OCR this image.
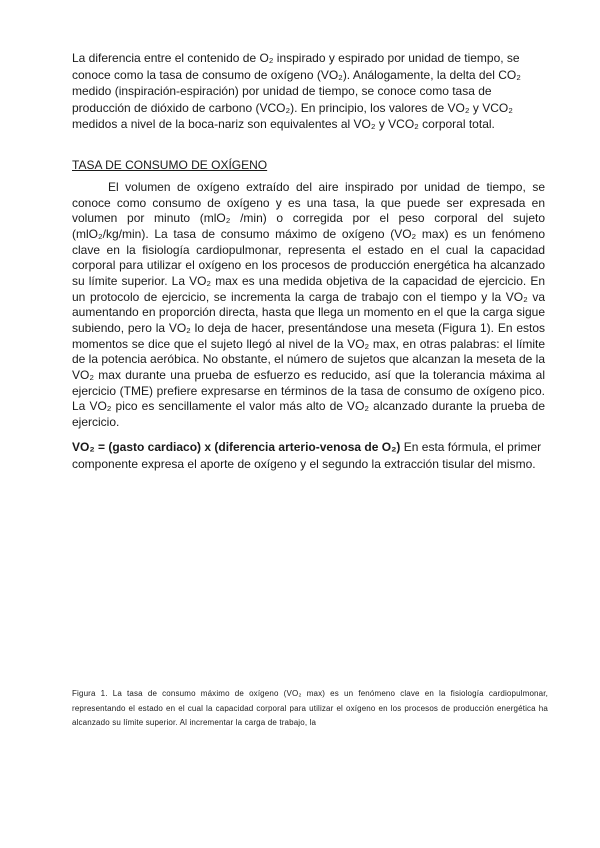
La diferencia entre el contenido de O₂ inspirado y espirado por unidad de tiempo, se conoce como la tasa de consumo de oxígeno (VO₂). Análogamente, la delta del CO₂ medido (inspiración-espiración) por unidad de tiempo, se conoce como tasa de producción de dióxido de carbono (VCO₂). En principio, los valores de VO₂ y VCO₂ medidos a nivel de la boca-nariz son equivalentes al VO₂ y VCO₂ corporal total.

TASA DE CONSUMO DE OXÍGENO

El volumen de oxígeno extraído del aire inspirado por unidad de tiempo, se conoce como consumo de oxígeno y es una tasa, la que puede ser expresada en volumen por minuto (mlO₂ /min) o corregida por el peso corporal del sujeto (mlO₂/kg/min). La tasa de consumo máximo de oxígeno (VO₂ max) es un fenómeno clave en la fisiología cardiopulmonar, representa el estado en el cual la capacidad corporal para utilizar el oxígeno en los procesos de producción energética ha alcanzado su límite superior. La VO₂ max es una medida objetiva de la capacidad de ejercicio. En un protocolo de ejercicio, se incrementa la carga de trabajo con el tiempo y la VO₂ va aumentando en proporción directa, hasta que llega un momento en el que la carga sigue subiendo, pero la VO₂ lo deja de hacer, presentándose una meseta (Figura 1). En estos momentos se dice que el sujeto llegó al nivel de la VO₂ max, en otras palabras: el límite de la potencia aeróbica. No obstante, el número de sujetos que alcanzan la meseta de la VO₂ max durante una prueba de esfuerzo es reducido, así que la tolerancia máxima al ejercicio (TME) prefiere expresarse en términos de la tasa de consumo de oxígeno pico. La VO₂ pico es sencillamente el valor más alto de VO₂ alcanzado durante la prueba de ejercicio.

VO₂ = (gasto cardiaco) x (diferencia arterio-venosa de O₂) En esta fórmula, el primer componente expresa el aporte de oxígeno y el segundo la extracción tisular del mismo.

Figura 1. La tasa de consumo máximo de oxígeno (VO₂ max) es un fenómeno clave en la fisiología cardiopulmonar, representando el estado en el cual la capacidad corporal para utilizar el oxígeno en los procesos de producción energética ha alcanzado su límite superior. Al incrementar la carga de trabajo, la
